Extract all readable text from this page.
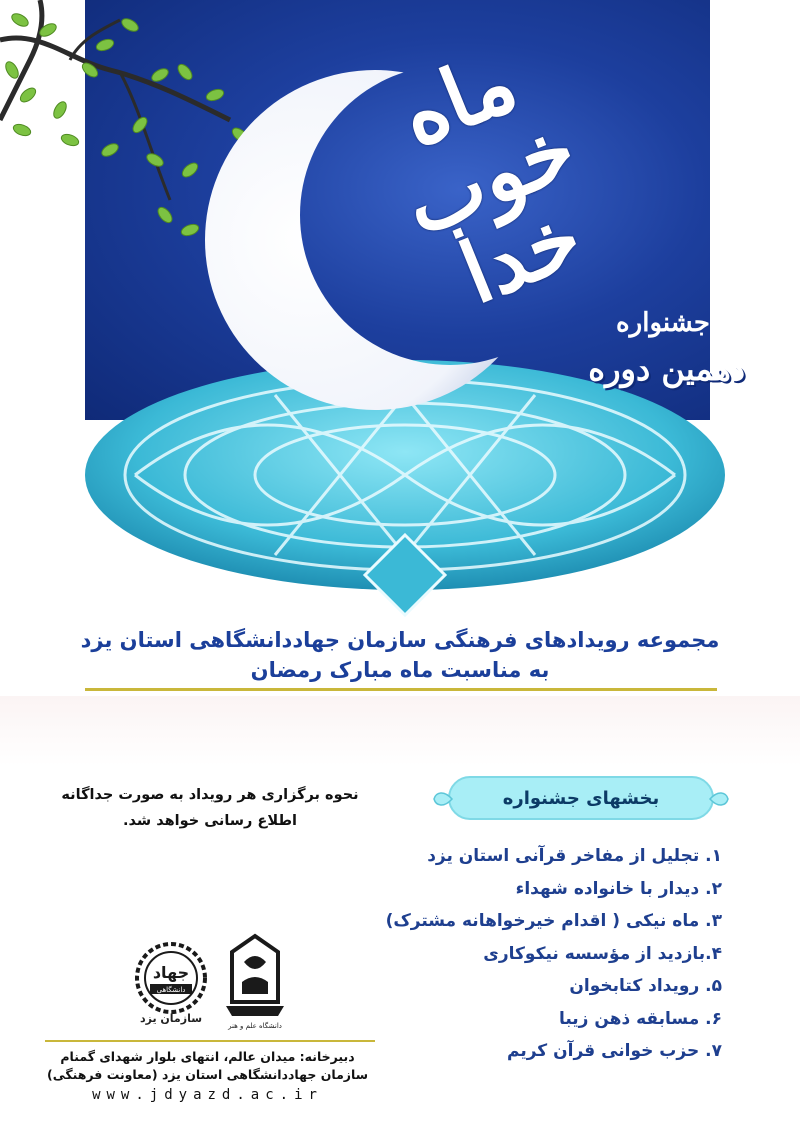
ماه خوب خدا
جشنواره
دهمین دوره
مجموعه رویدادهای فرهنگی سازمان جهاددانشگاهی استان یزد
به مناسبت ماه مبارک رمضان
بخشهای جشنواره
۱. تجلیل از مفاخر قرآنی استان یزد
۲. دیدار با خانواده شهداء
۳. ماه نیکی ( اقدام خیرخواهانه مشترک)
۴.بازدید از مؤسسه نیکوکاری
۵. رویداد کتابخوان
۶. مسابقه ذهن زیبا
۷. حزب خوانی قرآن کریم
نحوه برگزاری هر رویداد به صورت جداگانه
اطلاع رسانی خواهد شد.
جهاد
دانشگاهی
سازمان یزد
دانشگاه علم و هنر
دبیرخانه: میدان عالم، انتهای بلوار شهدای گمنام
سازمان جهاددانشگاهی استان یزد (معاونت فرهنگی)
www.jdyazd.ac.ir
